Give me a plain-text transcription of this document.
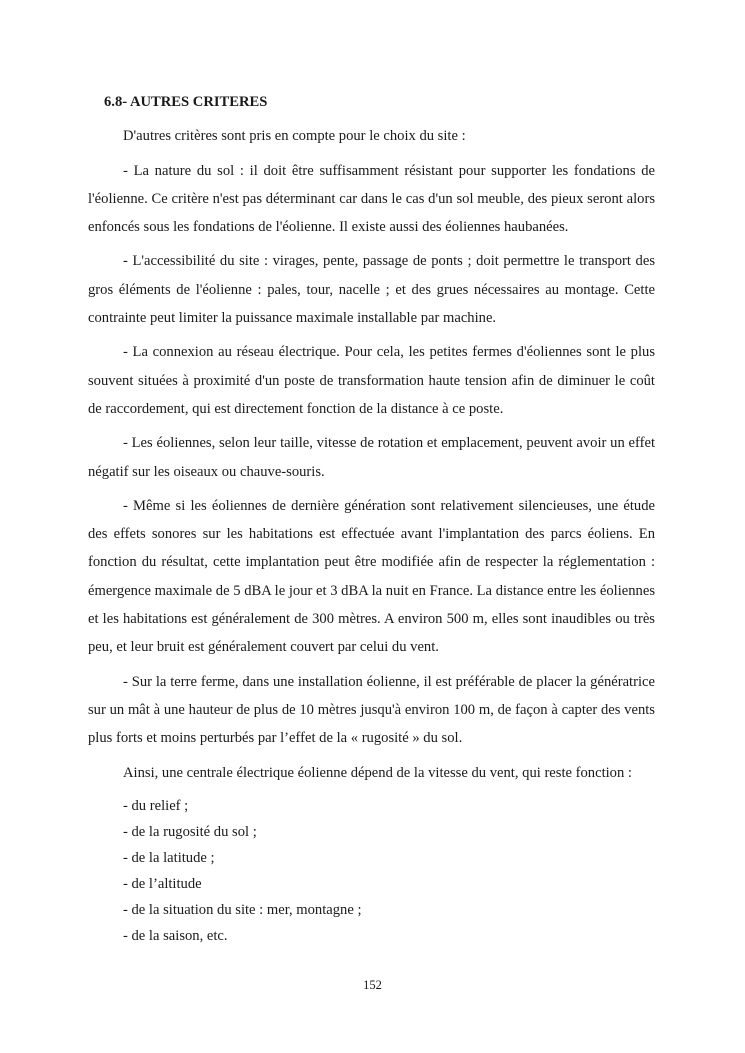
6.8- AUTRES CRITERES

D'autres critères sont pris en compte pour le choix du site :

- La nature du sol : il doit être suffisamment résistant pour supporter les fondations de l'éolienne. Ce critère n'est pas déterminant car dans le cas d'un sol meuble, des pieux seront alors enfoncés sous les fondations de l'éolienne. Il existe aussi des éoliennes haubanées.

- L'accessibilité du site : virages, pente, passage de ponts ; doit permettre le transport des gros éléments de l'éolienne : pales, tour, nacelle ; et des grues nécessaires au montage. Cette contrainte peut limiter la puissance maximale installable par machine.

- La connexion au réseau électrique. Pour cela, les petites fermes d'éoliennes sont le plus souvent situées à proximité d'un poste de transformation haute tension afin de diminuer le coût de raccordement, qui est directement fonction de la distance à ce poste.

- Les éoliennes, selon leur taille, vitesse de rotation et emplacement, peuvent avoir un effet négatif sur les oiseaux ou chauve-souris.

- Même si les éoliennes de dernière génération sont relativement silencieuses, une étude des effets sonores sur les habitations est effectuée avant l'implantation des parcs éoliens. En fonction du résultat, cette implantation peut être modifiée afin de respecter la réglementation : émergence maximale de 5 dBA le jour et 3 dBA la nuit en France. La distance entre les éoliennes et les habitations est généralement de 300 mètres. A environ 500 m, elles sont inaudibles ou très peu, et leur bruit est généralement couvert par celui du vent.

- Sur la terre ferme, dans une installation éolienne, il est préférable de placer la génératrice sur un mât à une hauteur de plus de 10 mètres jusqu'à environ 100 m, de façon à capter des vents plus forts et moins perturbés par l’effet de la « rugosité » du sol.

Ainsi, une centrale électrique éolienne dépend de la vitesse du vent, qui reste fonction :

- du relief ;
- de la rugosité du sol ;
- de la latitude ;
- de l’altitude
- de la situation du site : mer, montagne ;
- de la saison, etc.
152
